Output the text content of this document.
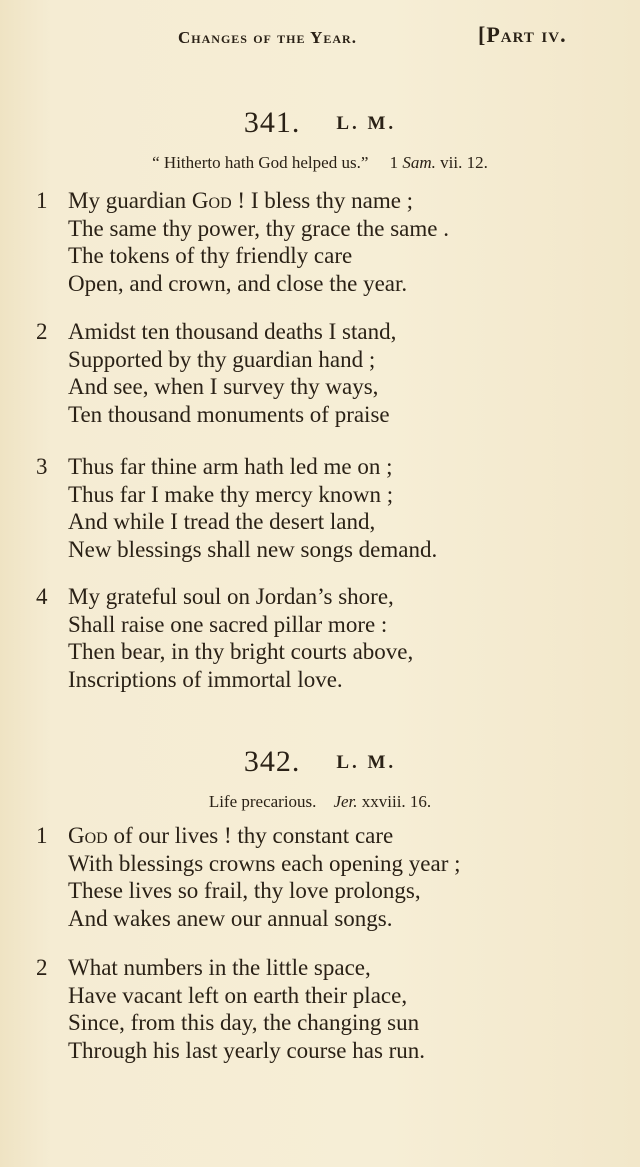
Changes of the Year.	[Part iv.
341. L. M.
“ Hitherto hath God helped us.” 1 Sam. vii. 12.
1 My guardian God ! I bless thy name ;
The same thy power, thy grace the same .
The tokens of thy friendly care
Open, and crown, and close the year.
2 Amidst ten thousand deaths I stand,
Supported by thy guardian hand ;
And see, when I survey thy ways,
Ten thousand monuments of praise
3 Thus far thine arm hath led me on ;
Thus far I make thy mercy known ;
And while I tread the desert land,
New blessings shall new songs demand.
4 My grateful soul on Jordan’s shore,
Shall raise one sacred pillar more :
Then bear, in thy bright courts above,
Inscriptions of immortal love.
342. L. M.
Life precarious. Jer. xxviii. 16.
1 God of our lives ! thy constant care
With blessings crowns each opening year ;
These lives so frail, thy love prolongs,
And wakes anew our annual songs.
2 What numbers in the little space,
Have vacant left on earth their place,
Since, from this day, the changing sun
Through his last yearly course has run.
